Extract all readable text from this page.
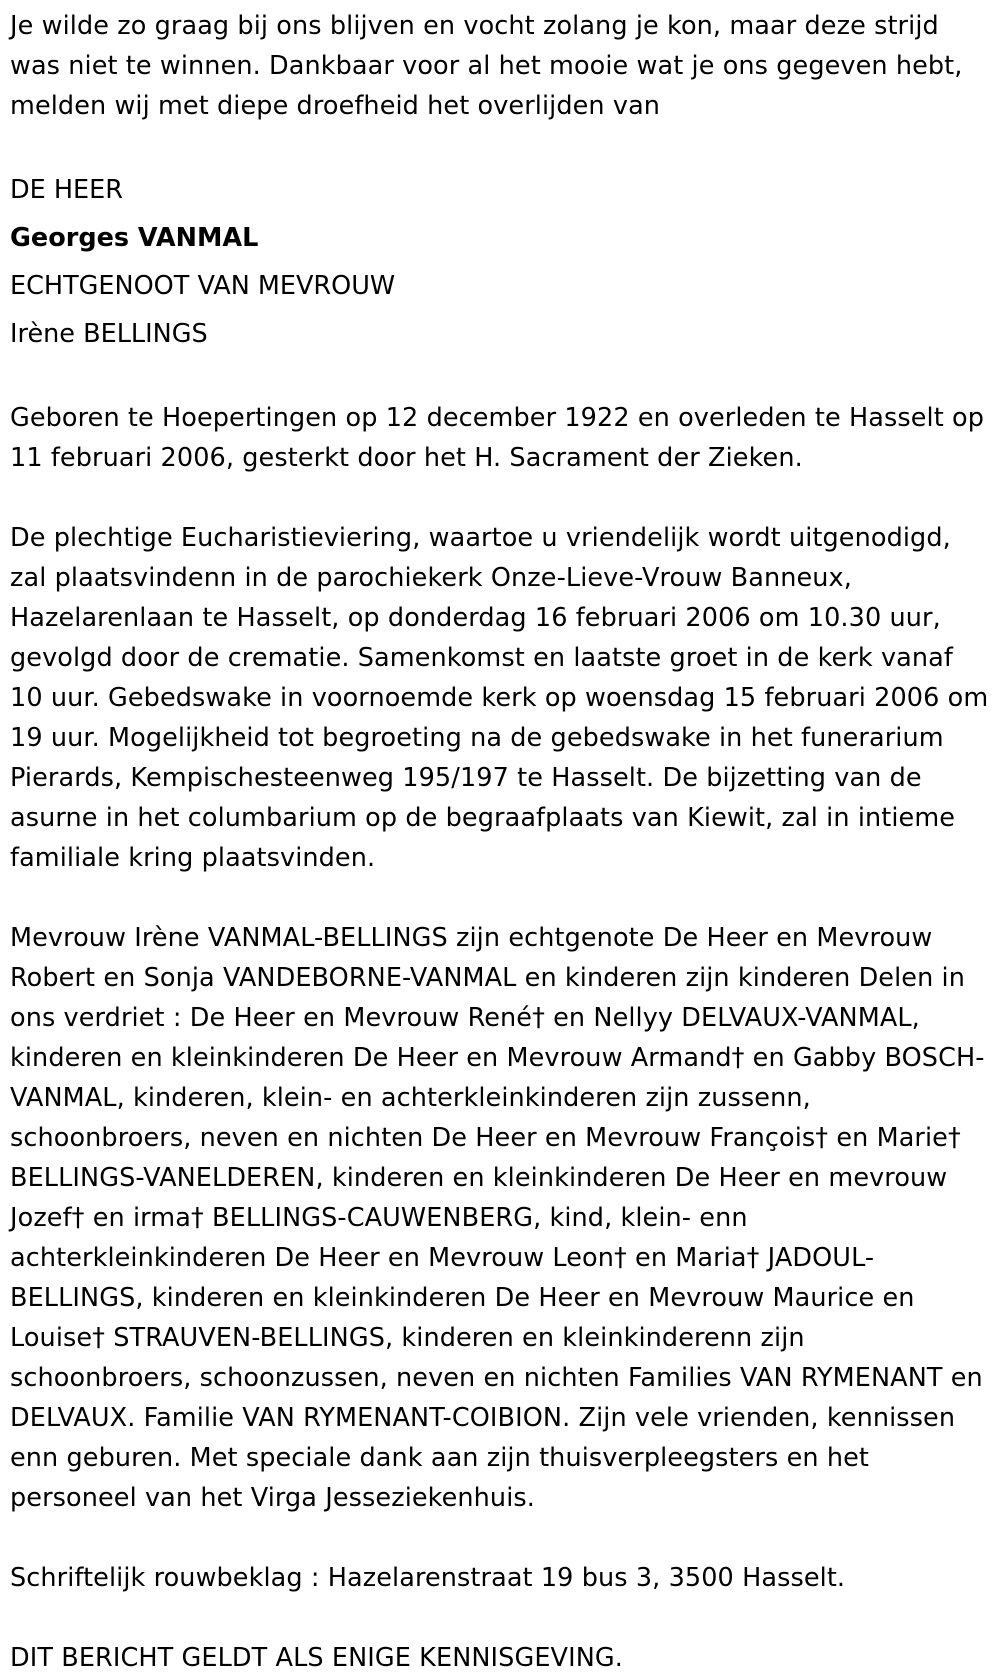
Je wilde zo graag bij ons blijven en vocht zolang je kon, maar deze strijd was niet te winnen. Dankbaar voor al het mooie wat je ons gegeven hebt, melden wij met diepe droefheid het overlijden van

DE HEER

Georges VANMAL

ECHTGENOOT VAN MEVROUW

Irène BELLINGS

Geboren te Hoepertingen op 12 december 1922 en overleden te Hasselt op 11 februari 2006, gesterkt door het H. Sacrament der Zieken.

De plechtige Eucharistieviering, waartoe u vriendelijk wordt uitgenodigd, zal plaatsvindenn in de parochiekerk Onze-Lieve-Vrouw Banneux, Hazelarenlaan te Hasselt, op donderdag 16 februari 2006 om 10.30 uur, gevolgd door de crematie. Samenkomst en laatste groet in de kerk vanaf 10 uur. Gebedswake in voornoemde kerk op woensdag 15 februari 2006 om 19 uur. Mogelijkheid tot begroeting na de gebedswake in het funerarium Pierards, Kempischesteenweg 195/197 te Hasselt. De bijzetting van de asurne in het columbarium op de begraafplaats van Kiewit, zal in intieme familiale kring plaatsvinden.

Mevrouw Irène VANMAL-BELLINGS zijn echtgenote De Heer en Mevrouw Robert en Sonja VANDEBORNE-VANMAL en kinderen zijn kinderen Delen in ons verdriet : De Heer en Mevrouw René† en Nellyy DELVAUX-VANMAL, kinderen en kleinkinderen De Heer en Mevrouw Armand† en Gabby BOSCH-VANMAL, kinderen, klein- en achterkleinkinderen zijn zussenn, schoonbroers, neven en nichten De Heer en Mevrouw François† en Marie† BELLINGS-VANELDEREN, kinderen en kleinkinderen De Heer en mevrouw Jozef† en irma† BELLINGS-CAUWENBERG, kind, klein- enn achterkleinkinderen De Heer en Mevrouw Leon† en Maria† JADOUL-BELLINGS, kinderen en kleinkinderen De Heer en Mevrouw Maurice en Louise† STRAUVEN-BELLINGS, kinderen en kleinkinderenn zijn schoonbroers, schoonzussen, neven en nichten Families VAN RYMENANT en DELVAUX. Familie VAN RYMENANT-COIBION. Zijn vele vrienden, kennissen enn geburen. Met speciale dank aan zijn thuisverpleegsters en het personeel van het Virga Jesseziekenhuis.

Schriftelijk rouwbeklag : Hazelarenstraat 19 bus 3, 3500 Hasselt.

DIT BERICHT GELDT ALS ENIGE KENNISGEVING.
